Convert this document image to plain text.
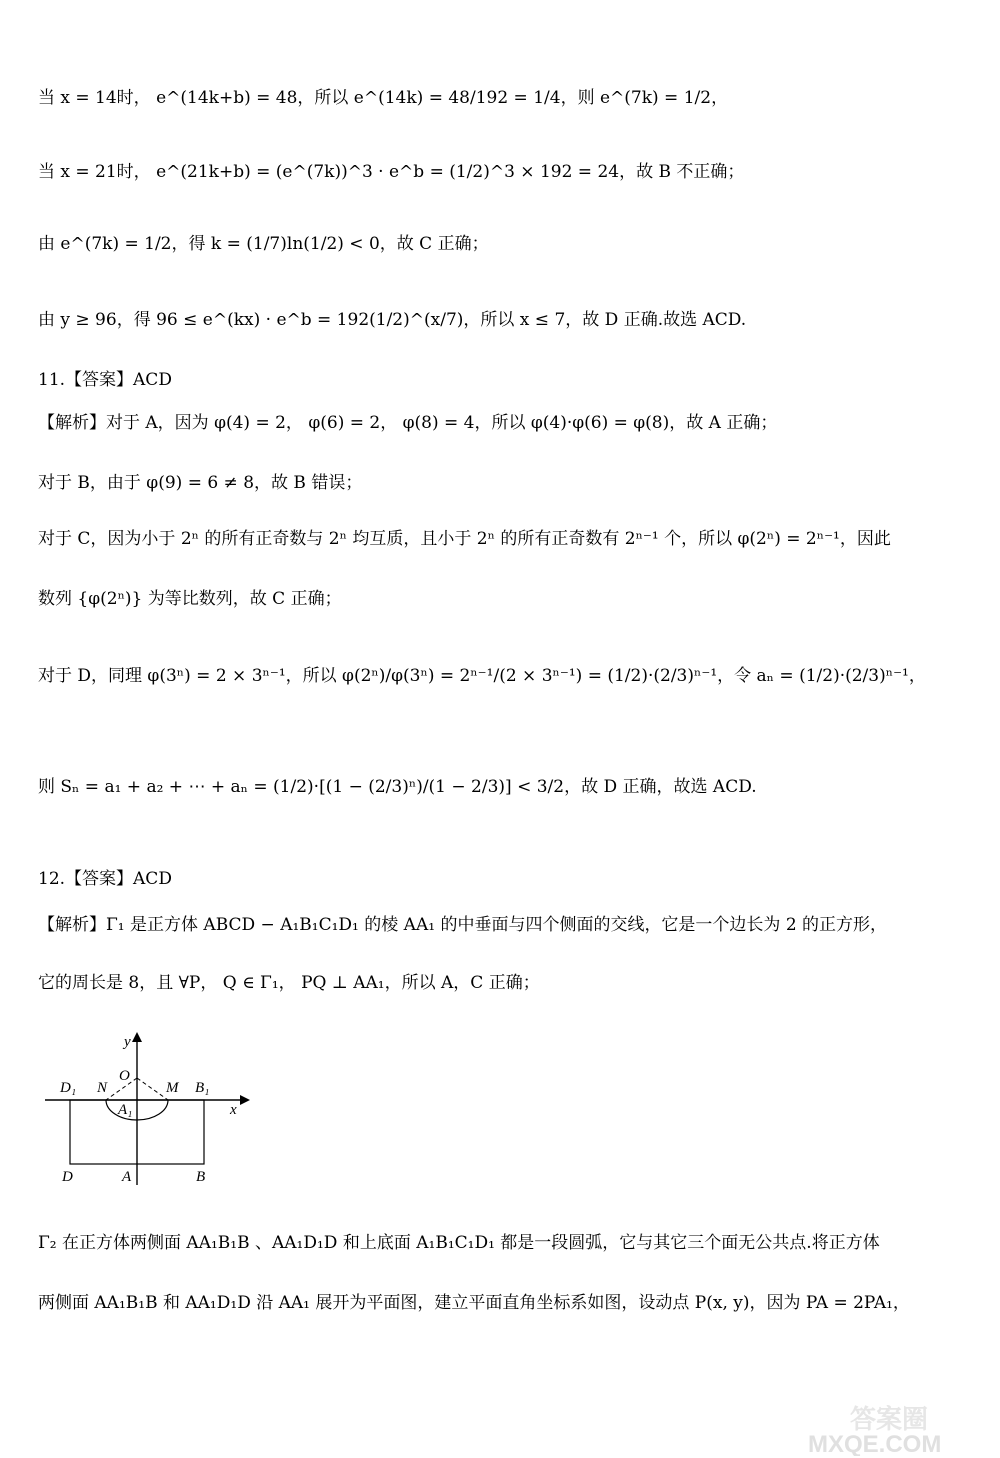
当 x = 14时， e^(14k+b) = 48，所以 e^(14k) = 48/192 = 1/4，则 e^(7k) = 1/2，
当 x = 21时， e^(21k+b) = (e^(7k))^3 · e^b = (1/2)^3 × 192 = 24，故 B 不正确；
由 e^(7k) = 1/2，得 k = (1/7)ln(1/2) < 0，故 C 正确；
由 y ≥ 96，得 96 ≤ e^(kx) · e^b = 192(1/2)^(x/7)，所以 x ≤ 7，故 D 正确.故选 ACD.
11.【答案】ACD
【解析】对于 A，因为 φ(4) = 2， φ(6) = 2， φ(8) = 4，所以 φ(4)·φ(6) = φ(8)，故 A 正确；
对于 B，由于 φ(9) = 6 ≠ 8，故 B 错误；
对于 C，因为小于 2ⁿ 的所有正奇数与 2ⁿ 均互质，且小于 2ⁿ 的所有正奇数有 2ⁿ⁻¹ 个，所以 φ(2ⁿ) = 2ⁿ⁻¹，因此
数列 {φ(2ⁿ)} 为等比数列，故 C 正确；
对于 D，同理 φ(3ⁿ) = 2 × 3ⁿ⁻¹，所以 φ(2ⁿ)/φ(3ⁿ) = 2ⁿ⁻¹/(2 × 3ⁿ⁻¹) = (1/2)·(2/3)ⁿ⁻¹，令 aₙ = (1/2)·(2/3)ⁿ⁻¹，
则 Sₙ = a₁ + a₂ + ⋯ + aₙ = (1/2)·[(1 − (2/3)ⁿ)/(1 − 2/3)] < 3/2，故 D 正确，故选 ACD.
12.【答案】ACD
【解析】Γ₁ 是正方体 ABCD − A₁B₁C₁D₁ 的棱 AA₁ 的中垂面与四个侧面的交线，它是一个边长为 2 的正方形，
它的周长是 8，且 ∀P， Q ∈ Γ₁， PQ ⊥ AA₁，所以 A，C 正确；
y
x
O
D₁ N	M B₁
A₁
D	A	B
Γ₂ 在正方体两侧面 AA₁B₁B 、AA₁D₁D 和上底面 A₁B₁C₁D₁ 都是一段圆弧，它与其它三个面无公共点.将正方体
两侧面 AA₁B₁B 和 AA₁D₁D 沿 AA₁ 展开为平面图，建立平面直角坐标系如图，设动点 P(x, y)，因为 PA = 2PA₁，
答案圈
MXQE.COM
